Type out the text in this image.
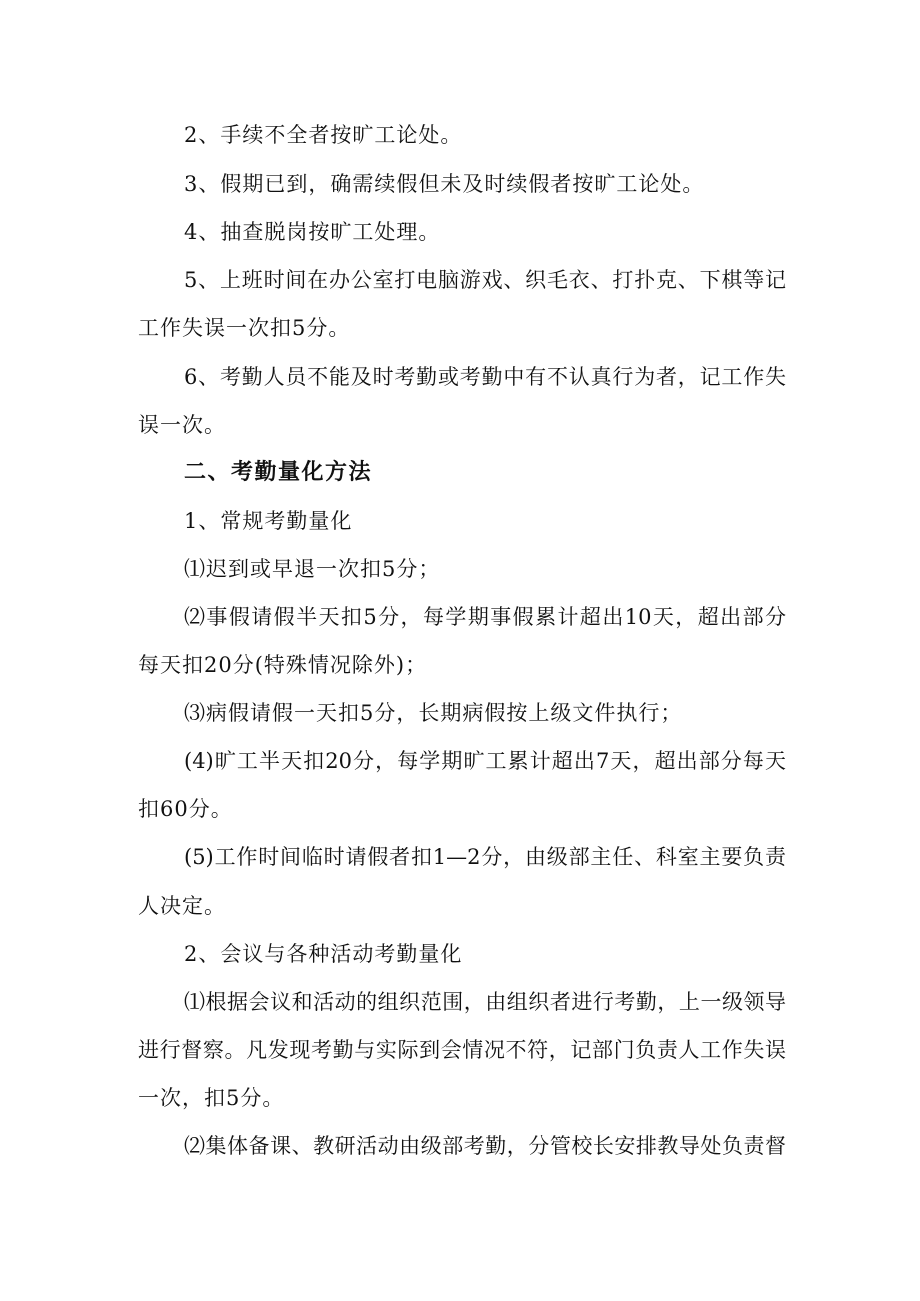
2、手续不全者按旷工论处。
3、假期已到，确需续假但未及时续假者按旷工论处。
4、抽查脱岗按旷工处理。
5、上班时间在办公室打电脑游戏、织毛衣、打扑克、下棋等记
工作失误一次扣5分。
6、考勤人员不能及时考勤或考勤中有不认真行为者，记工作失
误一次。
二、考勤量化方法
1、常规考勤量化
⑴迟到或早退一次扣5分；
⑵事假请假半天扣5分，每学期事假累计超出10天，超出部分
每天扣20分(特殊情况除外)；
⑶病假请假一天扣5分，长期病假按上级文件执行；
(4)旷工半天扣20分，每学期旷工累计超出7天，超出部分每天
扣60分。
(5)工作时间临时请假者扣1—2分，由级部主任、科室主要负责
人决定。
2、会议与各种活动考勤量化
⑴根据会议和活动的组织范围，由组织者进行考勤，上一级领导
进行督察。凡发现考勤与实际到会情况不符，记部门负责人工作失误
一次，扣5分。
⑵集体备课、教研活动由级部考勤，分管校长安排教导处负责督
